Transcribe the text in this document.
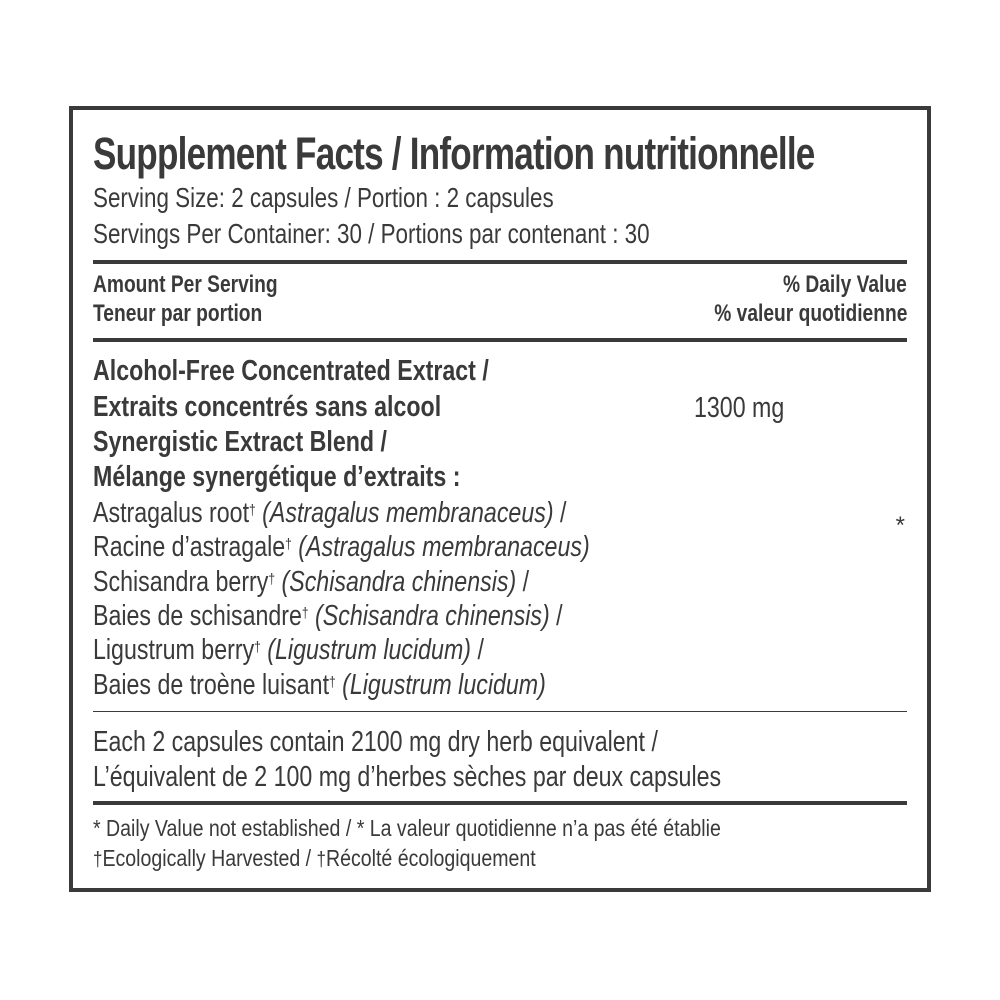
Supplement Facts / Information nutritionnelle
Serving Size: 2 capsules / Portion : 2 capsules
Servings Per Container: 30 / Portions par contenant : 30
Amount Per Serving
Teneur par portion
% Daily Value
% valeur quotidienne
Alcohol-Free Concentrated Extract /
Extraits concentrés sans alcool	1300 mg
Synergistic Extract Blend /
Mélange synergétique d’extraits :
Astragalus root† (Astragalus membranaceus) /
Racine d’astragale† (Astragalus membranaceus)
Schisandra berry† (Schisandra chinensis) /
Baies de schisandre† (Schisandra chinensis) /
Ligustrum berry† (Ligustrum lucidum) /
Baies de troène luisant† (Ligustrum lucidum)
*
Each 2 capsules contain 2100 mg dry herb equivalent /
L’équivalent de 2 100 mg d’herbes sèches par deux capsules
* Daily Value not established / * La valeur quotidienne n’a pas été établie
†Ecologically Harvested / †Récolté écologiquement
